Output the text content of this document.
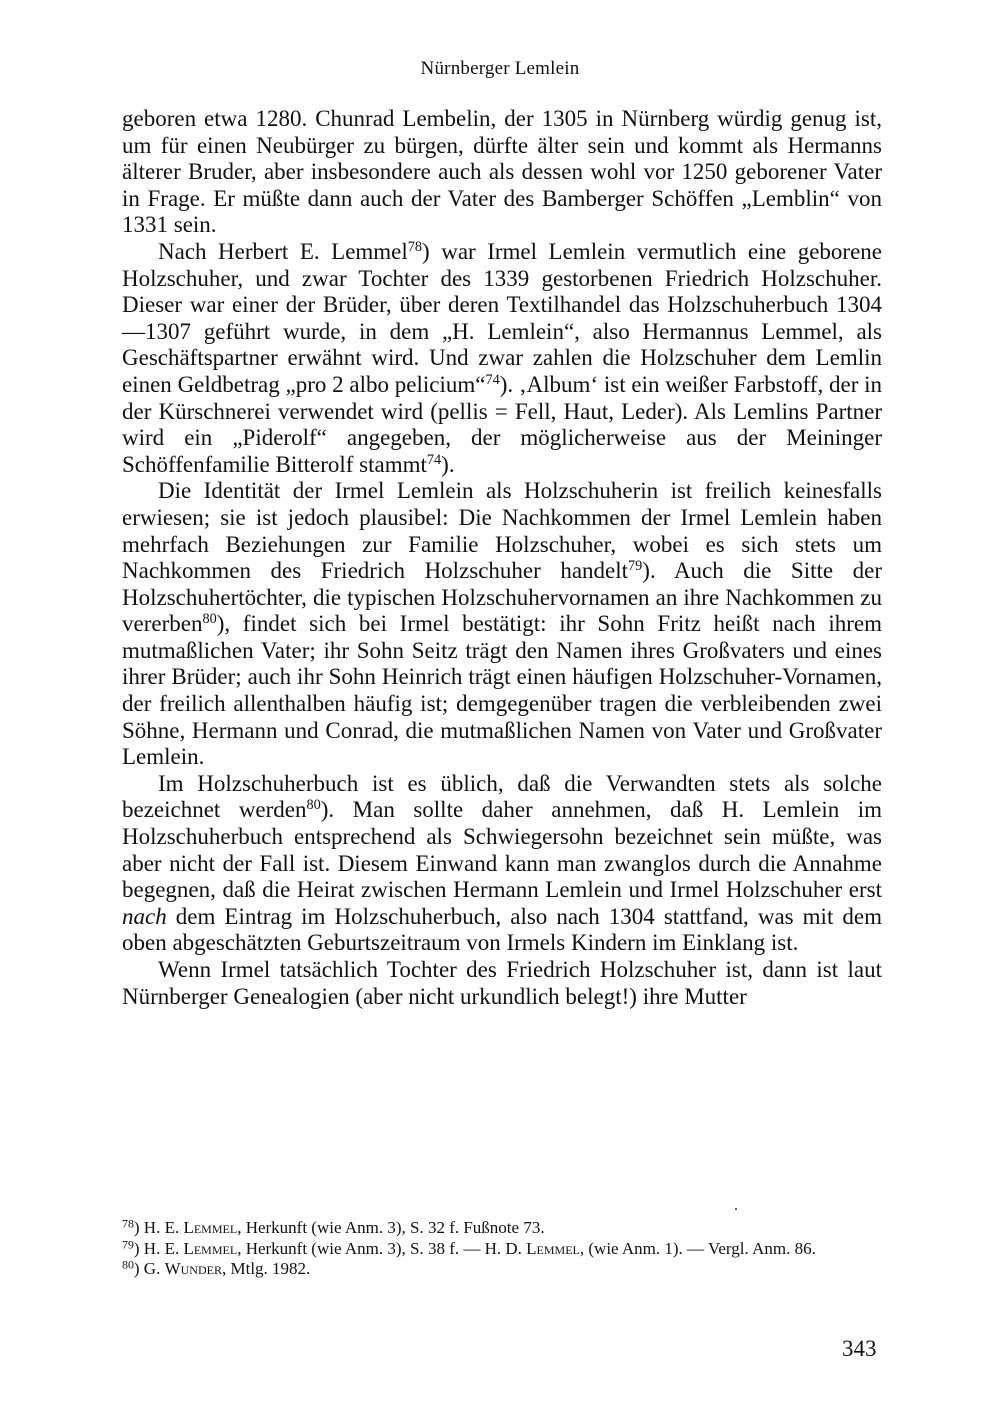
Nürnberger Lemlein

geboren etwa 1280. Chunrad Lembelin, der 1305 in Nürnberg würdig genug ist, um für einen Neubürger zu bürgen, dürfte älter sein und kommt als Hermanns älterer Bruder, aber insbesondere auch als dessen wohl vor 1250 geborener Vater in Frage. Er müßte dann auch der Vater des Bamberger Schöffen „Lemblin“ von 1331 sein.

Nach Herbert E. Lemmel$^{78}$) war Irmel Lemlein vermutlich eine geborene Holzschuher, und zwar Tochter des 1339 gestorbenen Friedrich Holzschuher. Dieser war einer der Brüder, über deren Textilhandel das Holzschuherbuch 1304—1307 geführt wurde, in dem „H. Lemlein“, also Hermannus Lemmel, als Geschäftspartner erwähnt wird. Und zwar zahlen die Holzschuher dem Lemlin einen Geldbetrag „pro 2 albo pelicium“$^{74}$). ‚Album‘ ist ein weißer Farbstoff, der in der Kürschnerei verwendet wird (pellis = Fell, Haut, Leder). Als Lemlins Partner wird ein „Piderolf“ angegeben, der möglicherweise aus der Meininger Schöffenfamilie Bitterolf stammt$^{74}$).

Die Identität der Irmel Lemlein als Holzschuherin ist freilich keinesfalls erwiesen; sie ist jedoch plausibel: Die Nachkommen der Irmel Lemlein haben mehrfach Beziehungen zur Familie Holzschuher, wobei es sich stets um Nachkommen des Friedrich Holzschuher handelt$^{79}$). Auch die Sitte der Holzschuhertöchter, die typischen Holzschuhervornamen an ihre Nachkommen zu vererben$^{80}$), findet sich bei Irmel bestätigt: ihr Sohn Fritz heißt nach ihrem mutmaßlichen Vater; ihr Sohn Seitz trägt den Namen ihres Großvaters und eines ihrer Brüder; auch ihr Sohn Heinrich trägt einen häufigen Holzschuher-Vornamen, der freilich allenthalben häufig ist; demgegenüber tragen die verbleibenden zwei Söhne, Hermann und Conrad, die mutmaßlichen Namen von Vater und Großvater Lemlein.

Im Holzschuherbuch ist es üblich, daß die Verwandten stets als solche bezeichnet werden$^{80}$). Man sollte daher annehmen, daß H. Lemlein im Holzschuherbuch entsprechend als Schwiegersohn bezeichnet sein müßte, was aber nicht der Fall ist. Diesem Einwand kann man zwanglos durch die Annahme begegnen, daß die Heirat zwischen Hermann Lemlein und Irmel Holzschuher erst nach dem Eintrag im Holzschuherbuch, also nach 1304 stattfand, was mit dem oben abgeschätzten Geburtszeitraum von Irmels Kindern im Einklang ist.

Wenn Irmel tatsächlich Tochter des Friedrich Holzschuher ist, dann ist laut Nürnberger Genealogien (aber nicht urkundlich belegt!) ihre Mutter

$^{78}$) H. E. Lemmel, Herkunft (wie Anm. 3), S. 32 f. Fußnote 73.

$^{79}$) H. E. Lemmel, Herkunft (wie Anm. 3), S. 38 f. — H. D. Lemmel, (wie Anm. 1). — Vergl. Anm. 86.

$^{80}$) G. Wunder, Mtlg. 1982.

343
